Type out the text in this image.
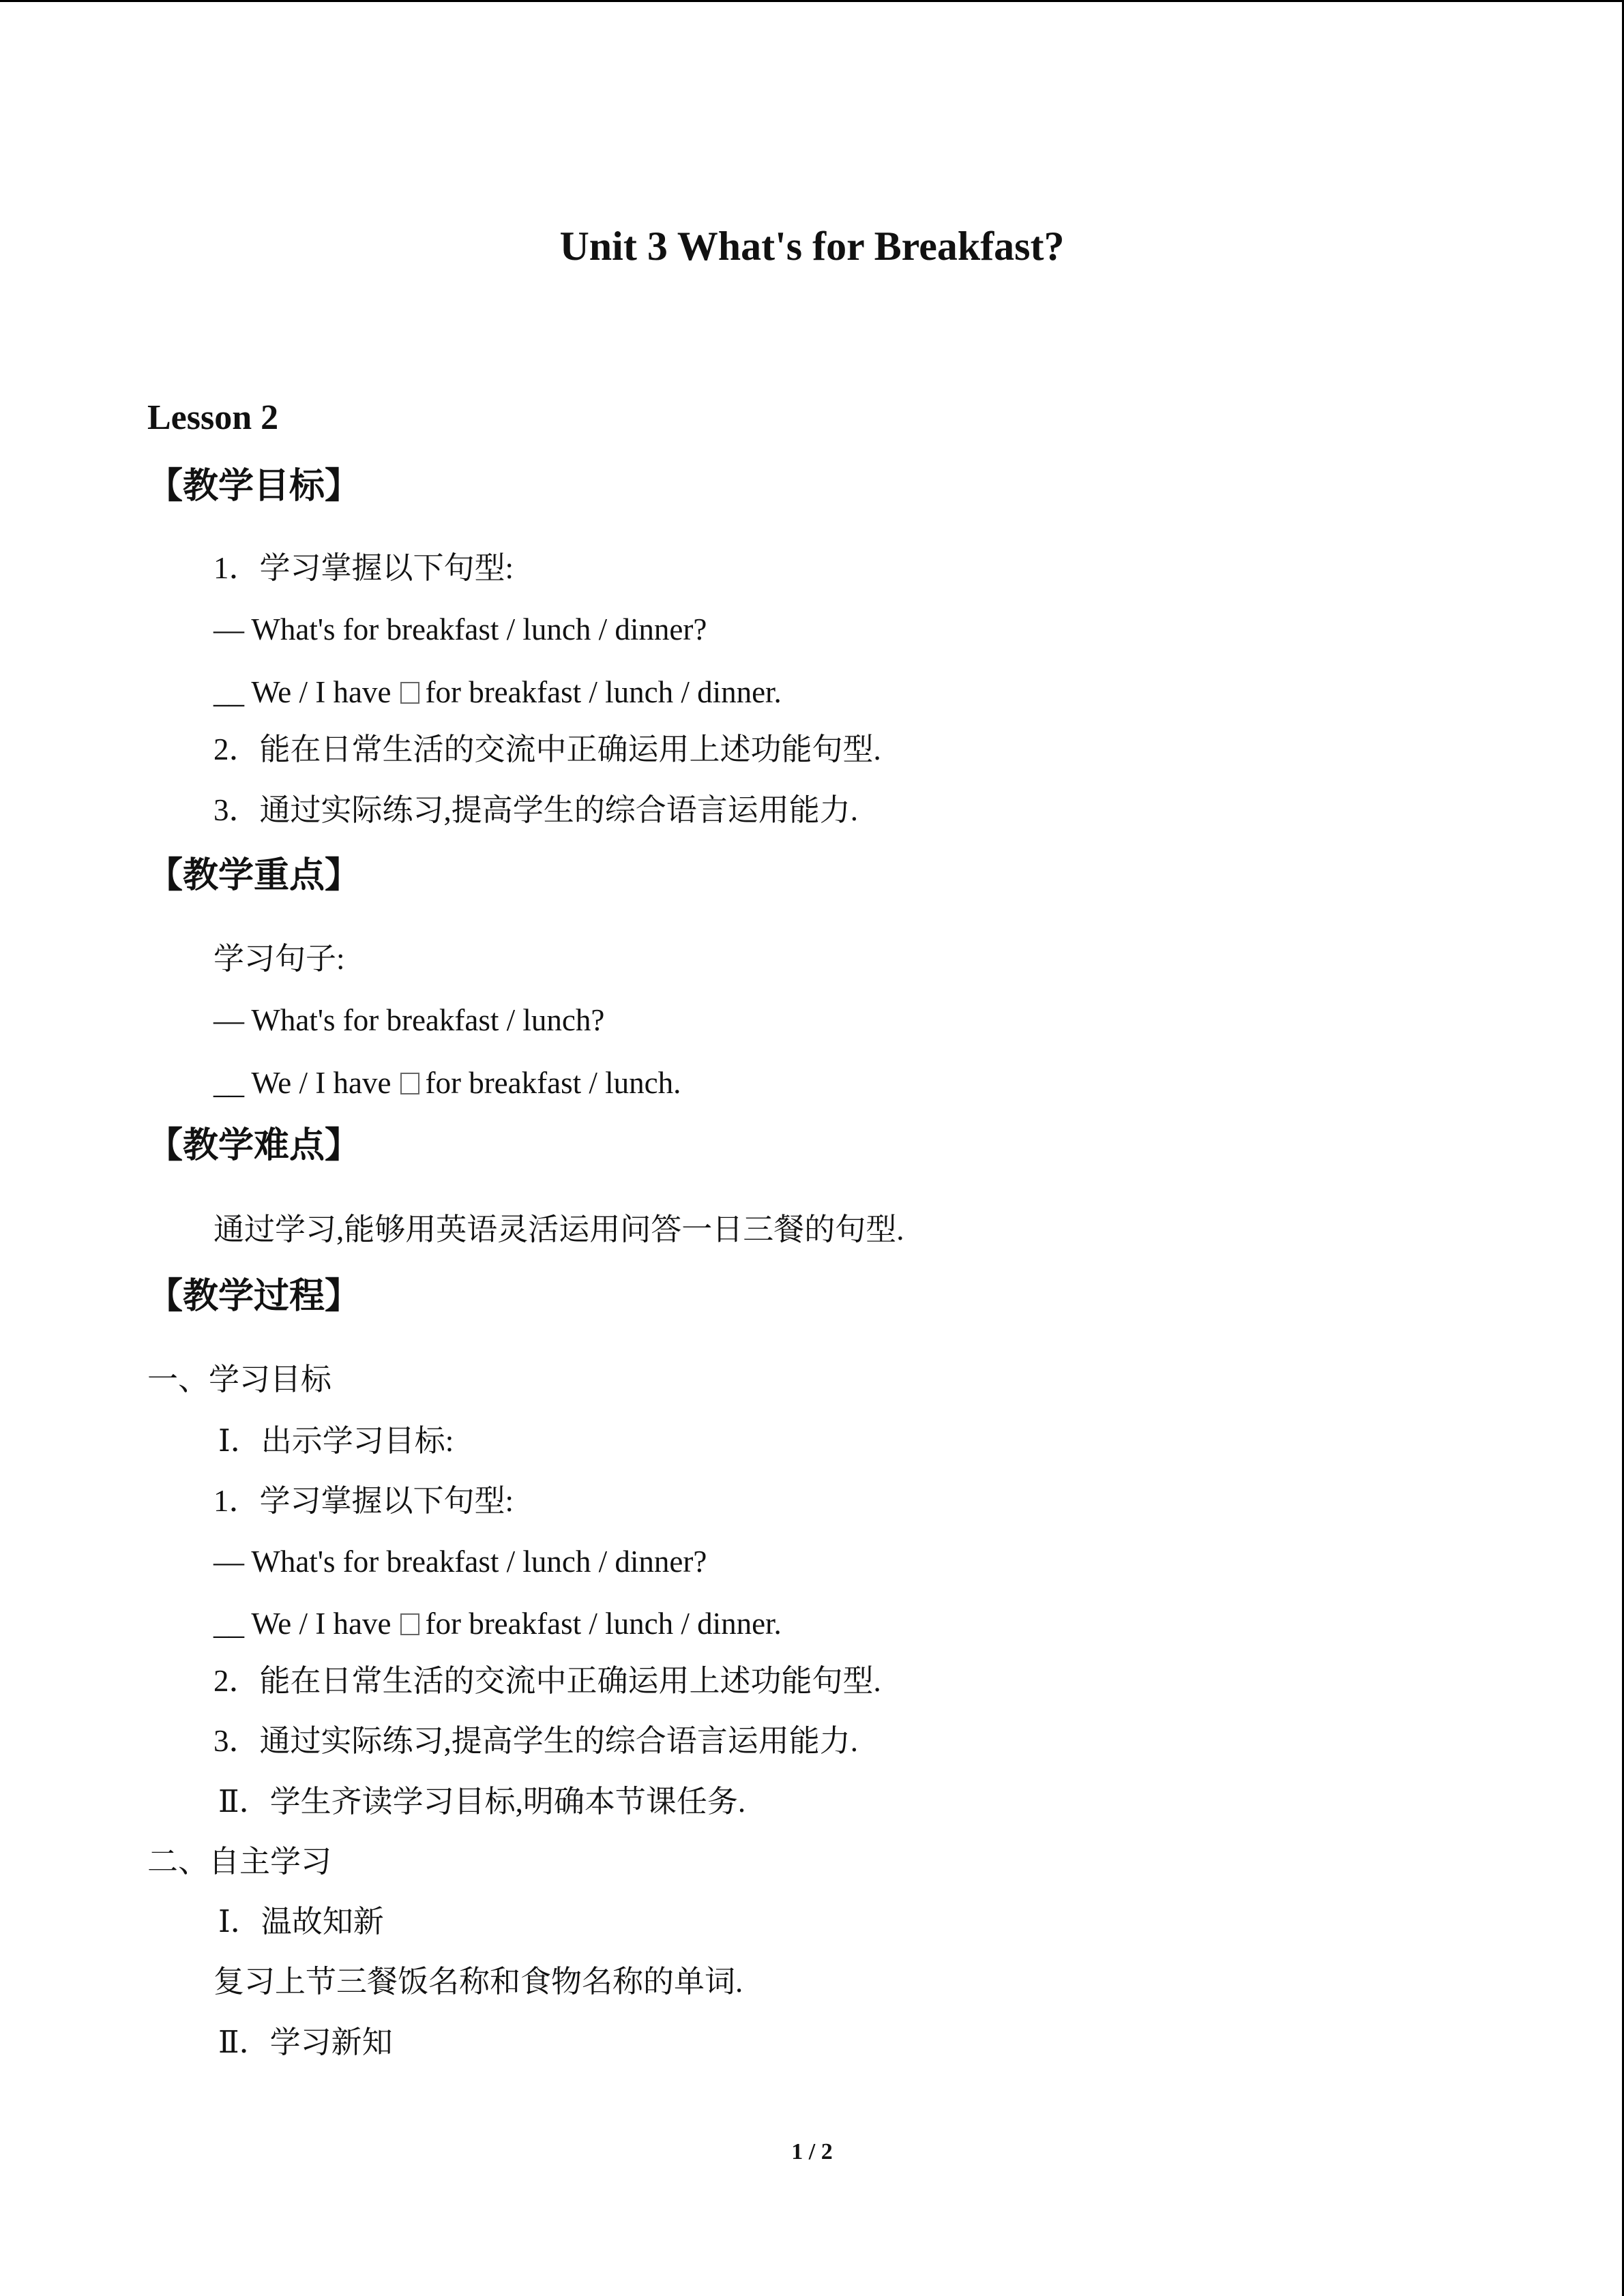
Unit 3 What's for Breakfast?
Lesson 2
【教学目标】
1．学习掌握以下句型:
— What's for breakfast / lunch / dinner?
__ We / I have for breakfast / lunch / dinner.
2．能在日常生活的交流中正确运用上述功能句型.
3．通过实际练习,提高学生的综合语言运用能力.
【教学重点】
学习句子:
— What's for breakfast / lunch?
__ We / I have for breakfast / lunch.
【教学难点】
通过学习,能够用英语灵活运用问答一日三餐的句型.
【教学过程】
一、学习目标
Ⅰ．出示学习目标:
1．学习掌握以下句型:
— What's for breakfast / lunch / dinner?
__ We / I have for breakfast / lunch / dinner.
2．能在日常生活的交流中正确运用上述功能句型.
3．通过实际练习,提高学生的综合语言运用能力.
Ⅱ．学生齐读学习目标,明确本节课任务.
二、自主学习
Ⅰ．温故知新
复习上节三餐饭名称和食物名称的单词.
Ⅱ．学习新知
1 / 2
